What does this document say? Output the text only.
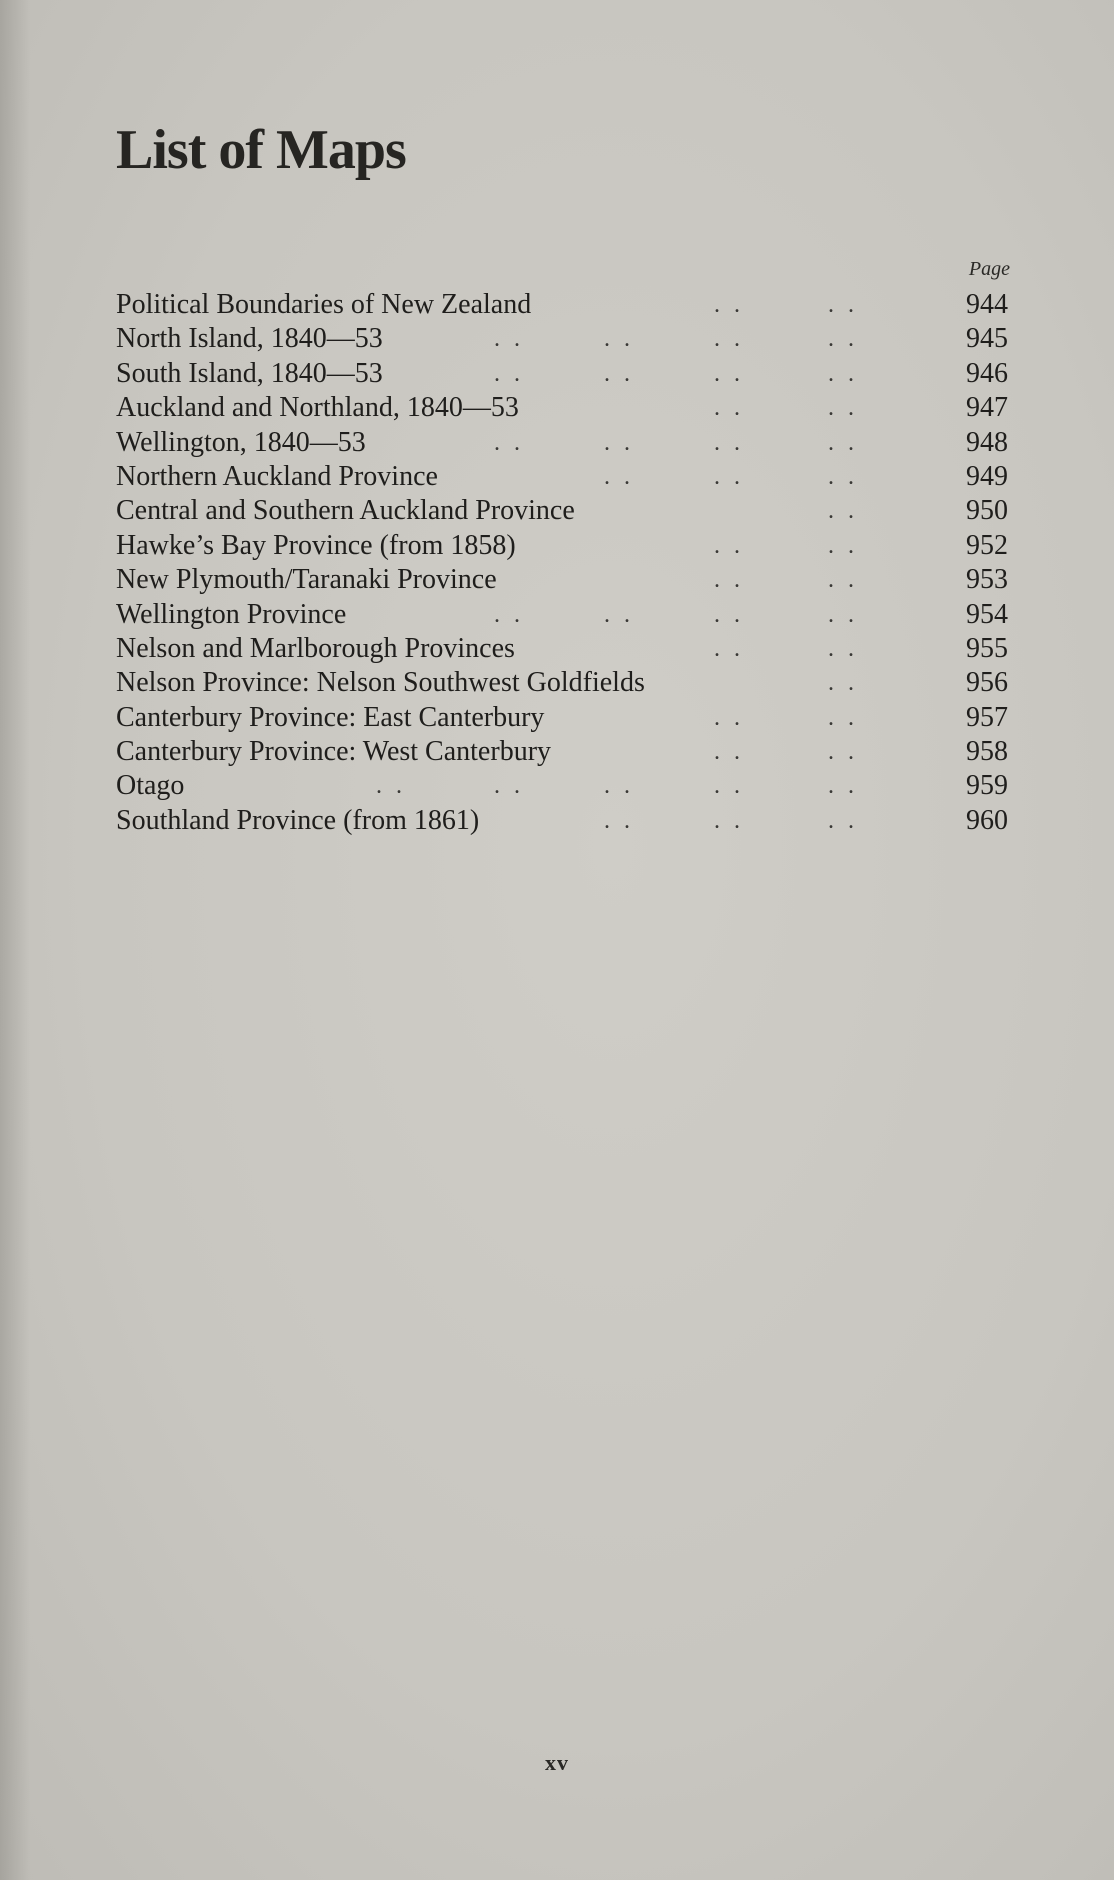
List of Maps
Page
. .	. .
Political Boundaries of New Zealand	944
. .	. .	. .	. .
North Island, 1840—53	945
. .	. .	. .	. .
South Island, 1840—53	946
. .	. .
Auckland and Northland, 1840—53	947
. .	. .	. .	. .
Wellington, 1840—53	948
. .	. .	. .
Northern Auckland Province	949
. .
Central and Southern Auckland Province	950
. .	. .
Hawke’s Bay Province (from 1858)	952
. .	. .
New Plymouth/Taranaki Province	953
. .	. .	. .	. .
Wellington Province	954
. .	. .
Nelson and Marlborough Provinces	955
. .
Nelson Province: Nelson Southwest Goldfields	956
. .	. .
Canterbury Province: East Canterbury	957
. .	. .
Canterbury Province: West Canterbury	958
. .	. .	. .	. .	. .
Otago	959
. .	. .	. .
Southland Province (from 1861)	960
xv
